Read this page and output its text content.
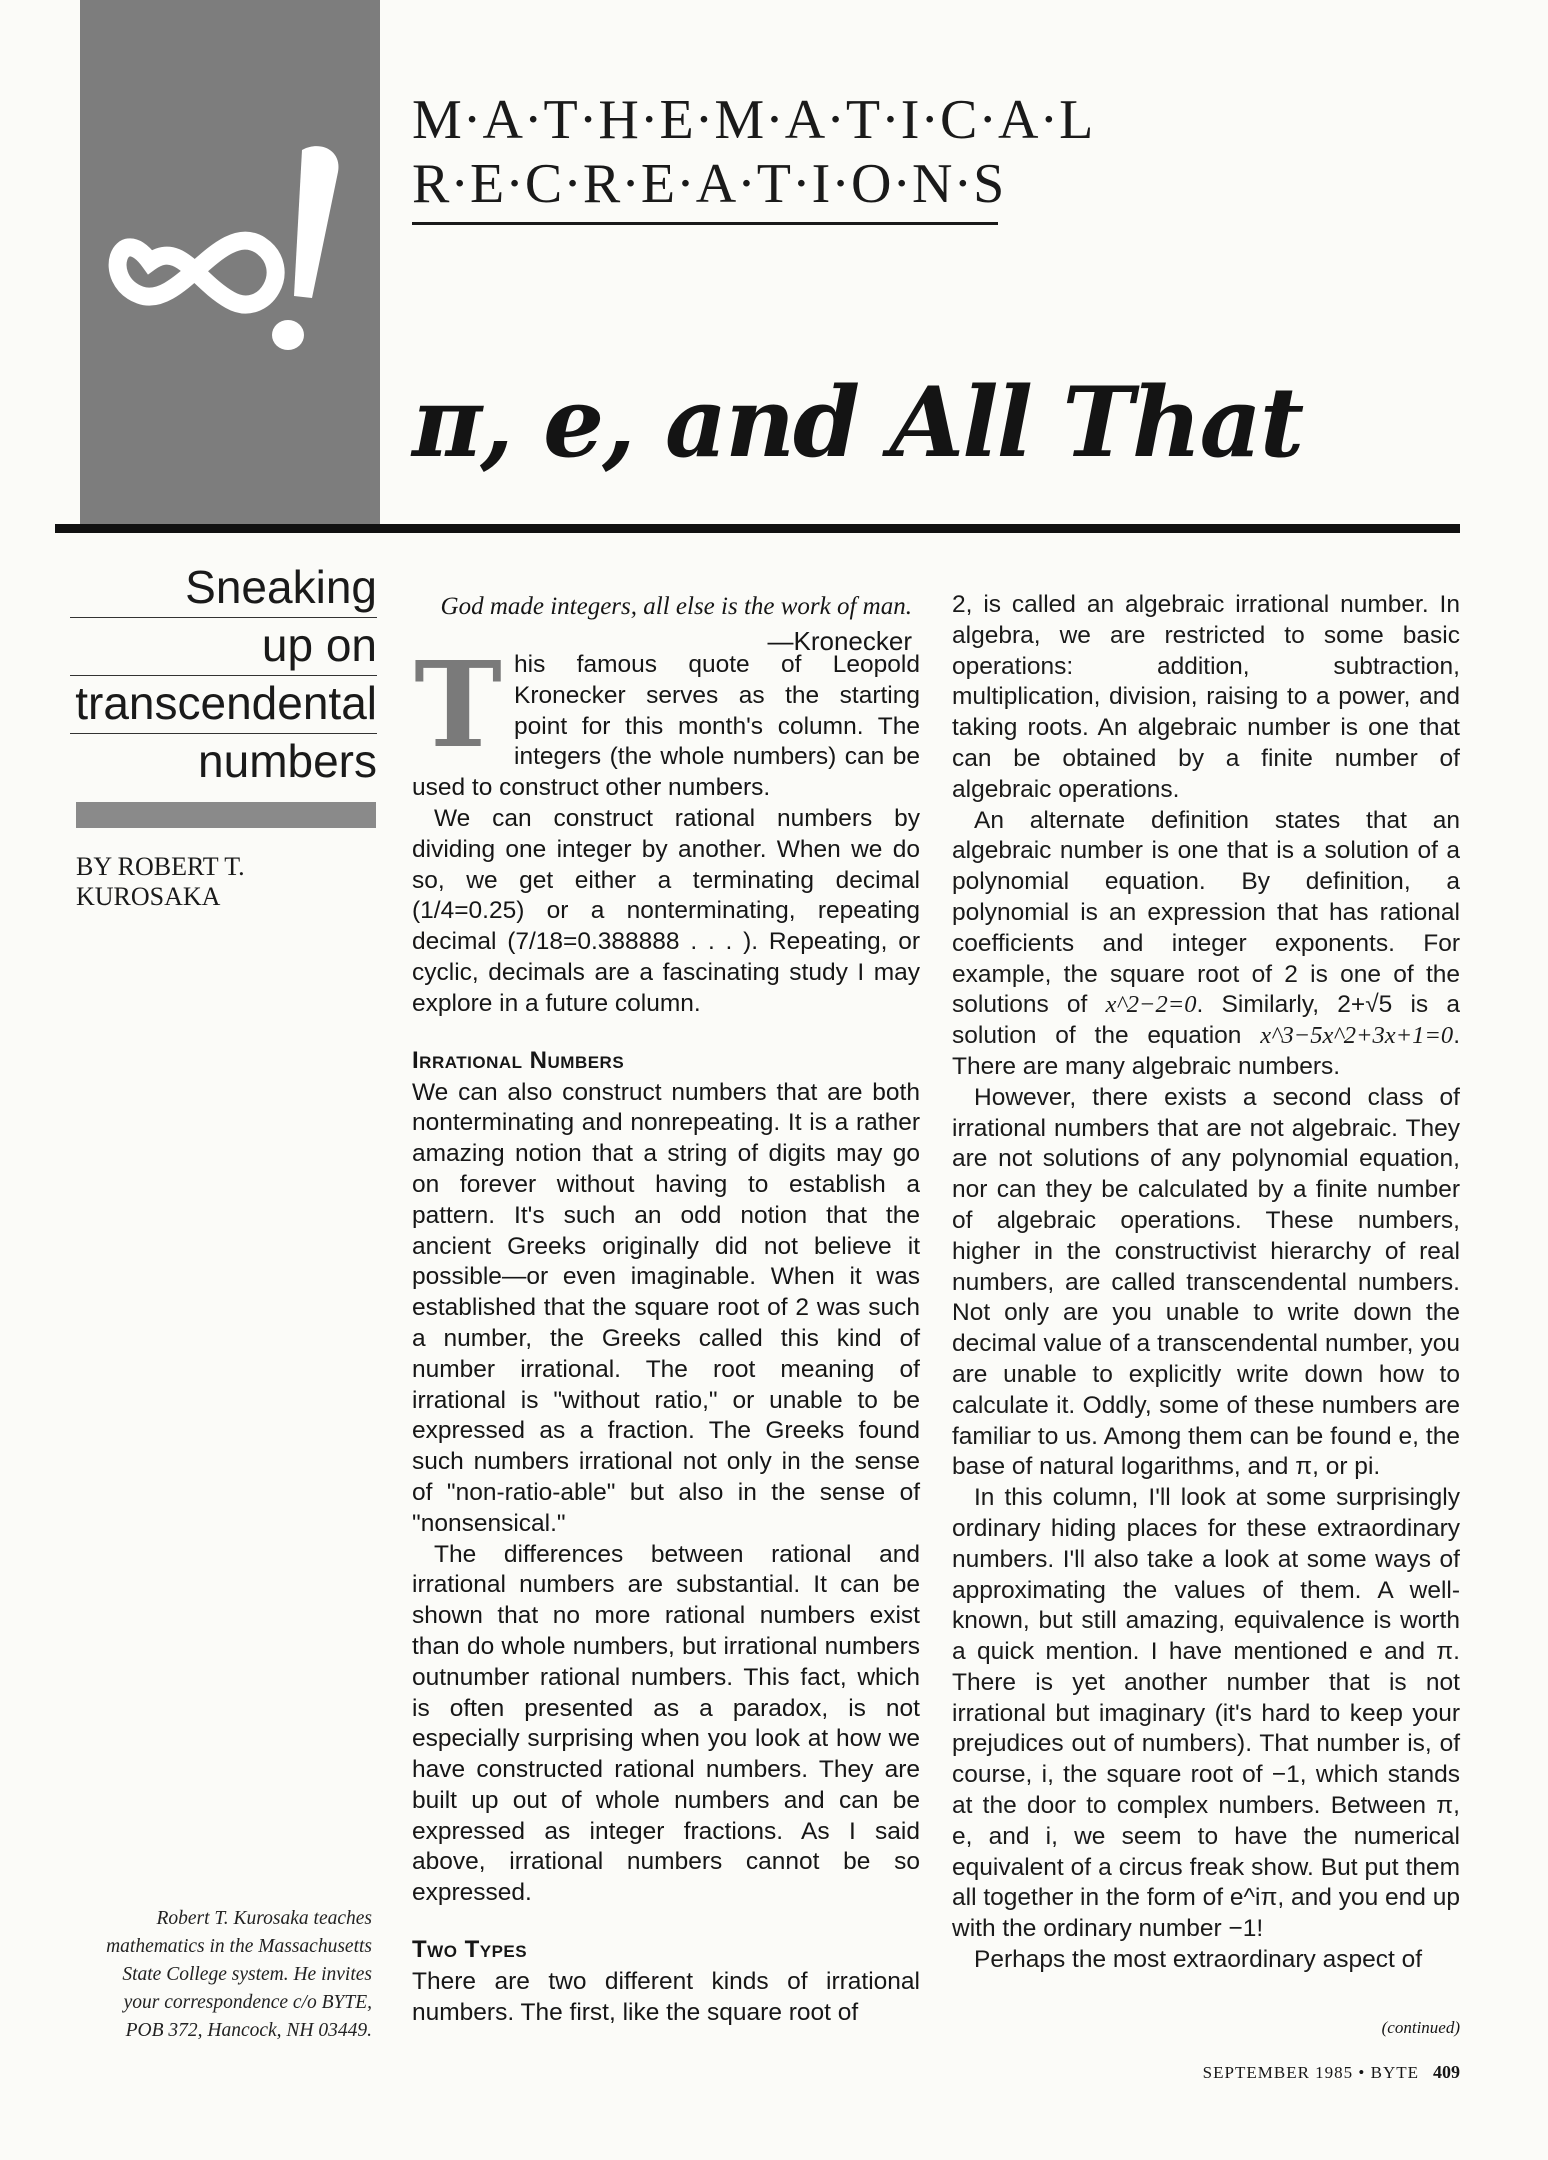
M·A·T·H·E·M·A·T·I·C·A·L
R·E·C·R·E·A·T·I·O·N·S
π, e, and All That
Sneaking
up on
transcendental
numbers
BY ROBERT T. KUROSAKA
Robert T. Kurosaka teaches
mathematics in the Massachusetts
State College system. He invites
your correspondence c/o BYTE,
POB 372, Hancock, NH 03449.
God made integers, all else is the work of man.
—Kronecker

This famous quote of Leopold Kronecker serves as the starting point for this month's column. The integers (the whole numbers) can be used to construct other numbers.

We can construct rational numbers by dividing one integer by another. When we do so, we get either a terminating decimal (1/4=0.25) or a nonterminating, repeating decimal (7/18=0.388888 . . . ). Repeating, or cyclic, decimals are a fascinating study I may explore in a future column.

Irrational Numbers

We can also construct numbers that are both nonterminating and nonrepeating. It is a rather amazing notion that a string of digits may go on forever without having to establish a pattern. It's such an odd notion that the ancient Greeks originally did not believe it possible—or even imaginable. When it was established that the square root of 2 was such a number, the Greeks called this kind of number irrational. The root meaning of irrational is "without ratio," or unable to be expressed as a fraction. The Greeks found such numbers irrational not only in the sense of "non-ratio-able" but also in the sense of "nonsensical."

The differences between rational and irrational numbers are substantial. It can be shown that no more rational numbers exist than do whole numbers, but irrational numbers outnumber rational numbers. This fact, which is often presented as a paradox, is not especially surprising when you look at how we have constructed rational numbers. They are built up out of whole numbers and can be expressed as integer fractions. As I said above, irrational numbers cannot be so expressed.

Two Types

There are two different kinds of irrational numbers. The first, like the square root of

2, is called an algebraic irrational number. In algebra, we are restricted to some basic operations: addition, subtraction, multiplication, division, raising to a power, and taking roots. An algebraic number is one that can be obtained by a finite number of algebraic operations.

An alternate definition states that an algebraic number is one that is a solution of a polynomial equation. By definition, a polynomial is an expression that has rational coefficients and integer exponents. For example, the square root of 2 is one of the solutions of x^2−2=0. Similarly, 2+√5 is a solution of the equation x^3−5x^2+3x+1=0. There are many algebraic numbers.

However, there exists a second class of irrational numbers that are not algebraic. They are not solutions of any polynomial equation, nor can they be calculated by a finite number of algebraic operations. These numbers, higher in the constructivist hierarchy of real numbers, are called transcendental numbers. Not only are you unable to write down the decimal value of a transcendental number, you are unable to explicitly write down how to calculate it. Oddly, some of these numbers are familiar to us. Among them can be found e, the base of natural logarithms, and π, or pi.

In this column, I'll look at some surprisingly ordinary hiding places for these extraordinary numbers. I'll also take a look at some ways of approximating the values of them. A well-known, but still amazing, equivalence is worth a quick mention. I have mentioned e and π. There is yet another number that is not irrational but imaginary (it's hard to keep your prejudices out of numbers). That number is, of course, i, the square root of −1, which stands at the door to complex numbers. Between π, e, and i, we seem to have the numerical equivalent of a circus freak show. But put them all together in the form of e^iπ, and you end up with the ordinary number −1!

Perhaps the most extraordinary aspect of

(continued)
SEPTEMBER 1985 • BYTE 409
